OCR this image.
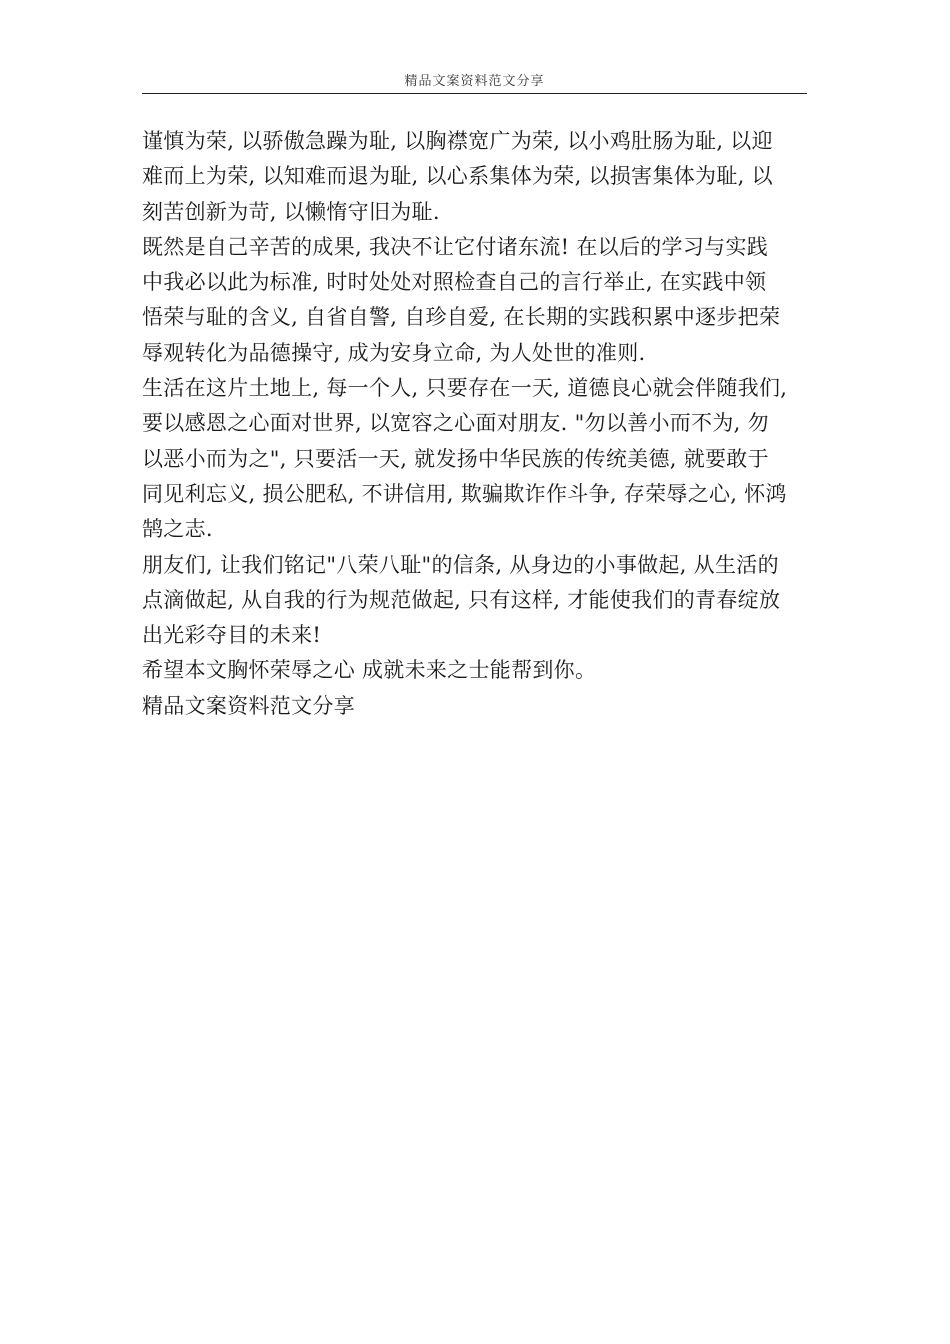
精品文案资料范文分享
谨慎为荣, 以骄傲急躁为耻, 以胸襟宽广为荣, 以小鸡肚肠为耻, 以迎
难而上为荣, 以知难而退为耻, 以心系集体为荣, 以损害集体为耻, 以
刻苦创新为苛, 以懒惰守旧为耻.
既然是自己辛苦的成果, 我决不让它付诸东流! 在以后的学习与实践
中我必以此为标准, 时时处处对照检查自己的言行举止, 在实践中领
悟荣与耻的含义, 自省自警, 自珍自爱, 在长期的实践积累中逐步把荣
辱观转化为品德操守, 成为安身立命, 为人处世的准则.
生活在这片土地上, 每一个人, 只要存在一天, 道德良心就会伴随我们,
要以感恩之心面对世界, 以宽容之心面对朋友. "勿以善小而不为, 勿
以恶小而为之", 只要活一天, 就发扬中华民族的传统美德, 就要敢于
同见利忘义, 损公肥私, 不讲信用, 欺骗欺诈作斗争, 存荣辱之心, 怀鸿
鹄之志.
朋友们, 让我们铭记"八荣八耻"的信条, 从身边的小事做起, 从生活的
点滴做起, 从自我的行为规范做起, 只有这样, 才能使我们的青春绽放
出光彩夺目的未来!
希望本文胸怀荣辱之心 成就未来之士能帮到你。
精品文案资料范文分享
